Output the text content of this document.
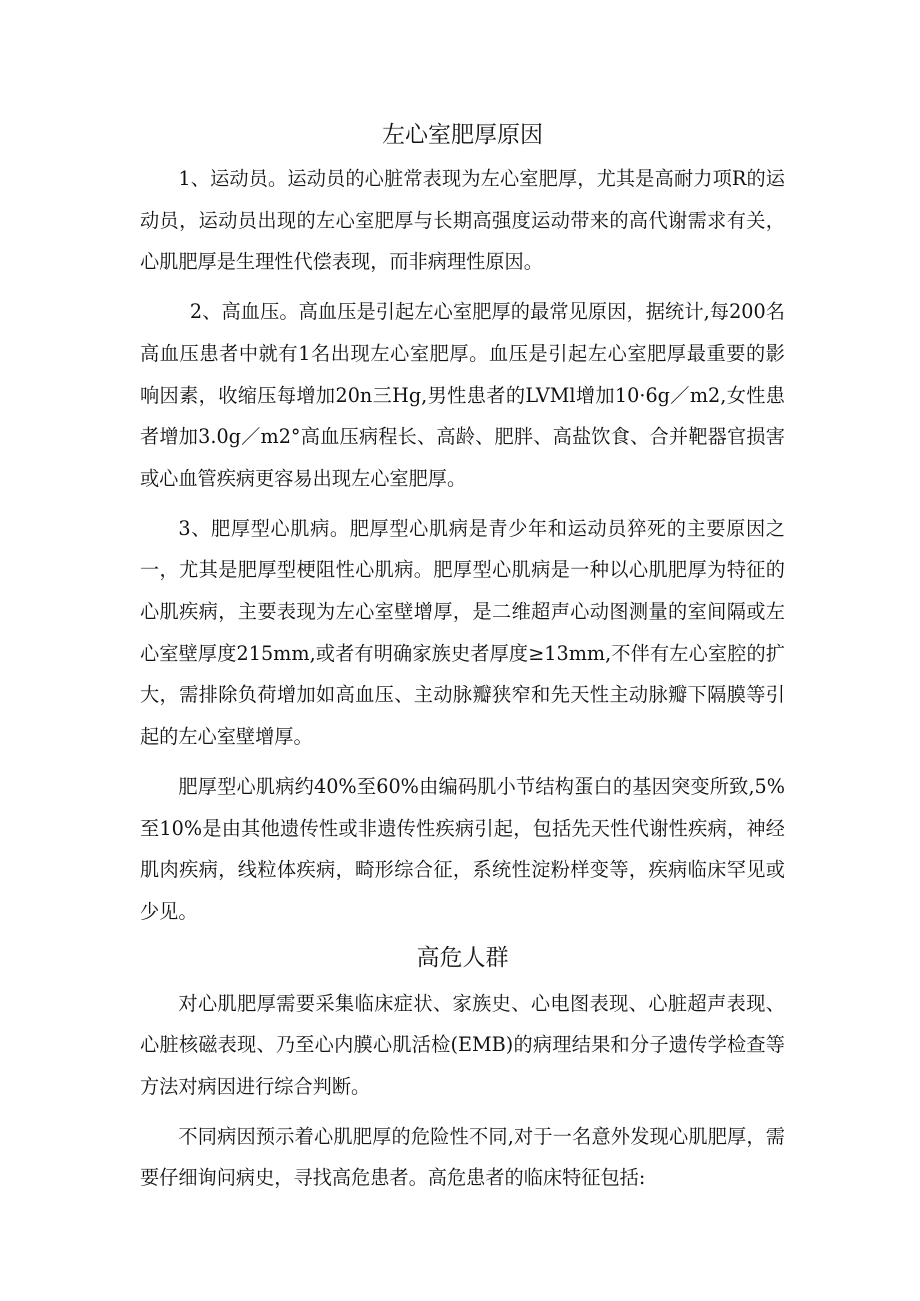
左心室肥厚原因

1、运动员。运动员的心脏常表现为左心室肥厚，尤其是高耐力项R的运动员，运动员出现的左心室肥厚与长期高强度运动带来的高代谢需求有关，心肌肥厚是生理性代偿表现，而非病理性原因。

2、高血压。高血压是引起左心室肥厚的最常见原因，据统计,每200名高血压患者中就有1名出现左心室肥厚。血压是引起左心室肥厚最重要的影响因素，收缩压每增加20n三Hg,男性患者的LVMl增加10·6g／m2,女性患者增加3.0g／m2°高血压病程长、高龄、肥胖、高盐饮食、合并靶器官损害或心血管疾病更容易出现左心室肥厚。

3、肥厚型心肌病。肥厚型心肌病是青少年和运动员猝死的主要原因之一，尤其是肥厚型梗阻性心肌病。肥厚型心肌病是一种以心肌肥厚为特征的心肌疾病，主要表现为左心室壁增厚，是二维超声心动图测量的室间隔或左心室壁厚度215mm,或者有明确家族史者厚度≥13mm,不伴有左心室腔的扩大，需排除负荷增加如高血压、主动脉瓣狭窄和先天性主动脉瓣下隔膜等引起的左心室壁增厚。

肥厚型心肌病约40%至60%由编码肌小节结构蛋白的基因突变所致,5%至10%是由其他遗传性或非遗传性疾病引起，包括先天性代谢性疾病，神经肌肉疾病，线粒体疾病，畸形综合征，系统性淀粉样变等，疾病临床罕见或少见。

高危人群

对心肌肥厚需要采集临床症状、家族史、心电图表现、心脏超声表现、心脏核磁表现、乃至心内膜心肌活检(EMB)的病理结果和分子遗传学检查等方法对病因进行综合判断。

不同病因预示着心肌肥厚的危险性不同,对于一名意外发现心肌肥厚，需要仔细询问病史，寻找高危患者。高危患者的临床特征包括:
